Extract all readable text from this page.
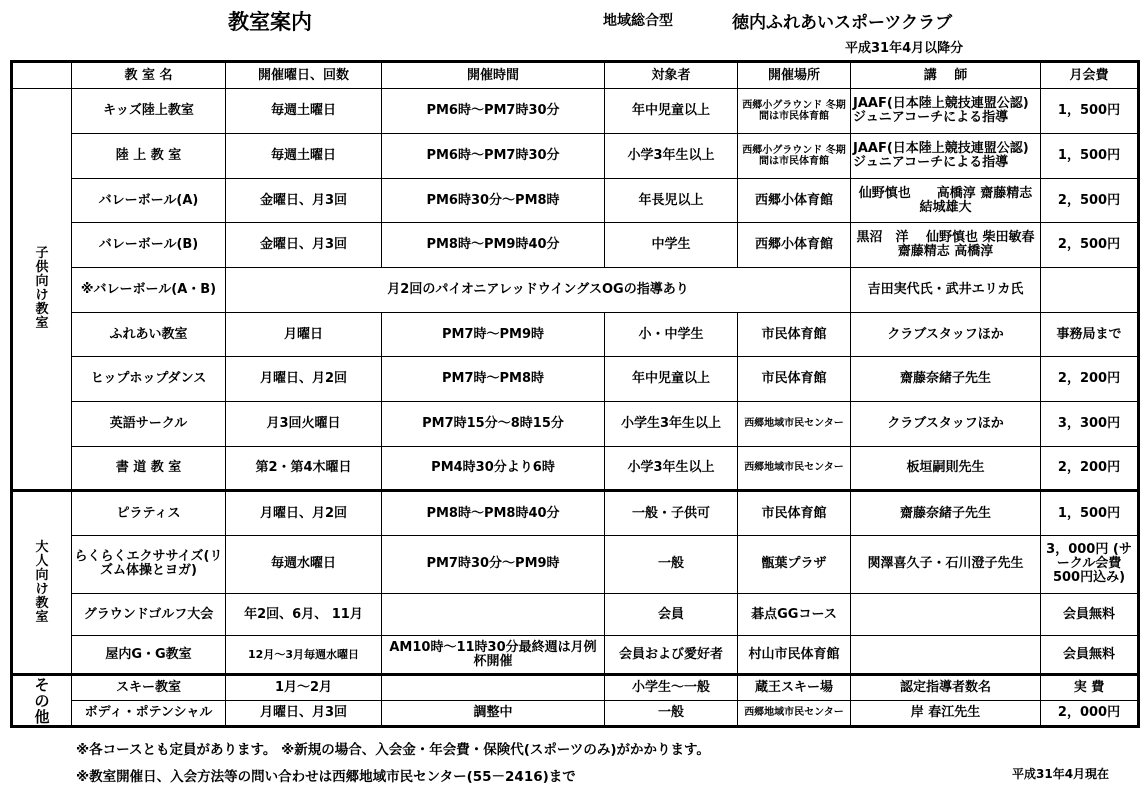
教室案内	地域総合型	徳内ふれあいスポーツクラブ
平成31年4月以降分
	教 室 名	開催曜日、回数	開催時間	対象者	開催場所	講　 師	月会費
子供向け教室	キッズ陸上教室	毎週土曜日	PM6時～PM7時30分	年中児童以上	西郷小グラウンド 冬期間は市民体育館	JAAF(日本陸上競技連盟公認) ジュニアコーチによる指導	1，500円
	陸 上 教 室	毎週土曜日	PM6時～PM7時30分	小学3年生以上	西郷小グラウンド 冬期間は市民体育館	JAAF(日本陸上競技連盟公認) ジュニアコーチによる指導	1，500円
	バレーボール(A)	金曜日、月3回	PM6時30分～PM8時	年長児以上	西郷小体育館	仙野慎也　　高橋淳 齋藤精志　　結城雄大	2，500円
	バレーボール(B)	金曜日、月3回	PM8時～PM9時40分	中学生	西郷小体育館	黒沼　洋　 仙野慎也 柴田敏春　 齋藤精志 高橋淳	2，500円
	※バレーボール(A・B)	月2回のパイオニアレッドウイングスOGの指導あり				吉田実代氏・武井エリカ氏	
	ふれあい教室	月曜日	PM7時～PM9時	小・中学生	市民体育館	クラブスタッフほか	事務局まで
	ヒップホップダンス	月曜日、月2回	PM7時～PM8時	年中児童以上	市民体育館	齋藤奈緒子先生	2，200円
	英語サークル	月3回火曜日	PM7時15分～8時15分	小学生3年生以上	西郷地域市民センター	クラブスタッフほか	3，300円
	書 道 教 室	第2・第4木曜日	PM4時30分より6時	小学3年生以上	西郷地域市民センター	板垣嗣則先生	2，200円
大人向け教室	ピラティス	月曜日、月2回	PM8時～PM8時40分	一般・子供可	市民体育館	齋藤奈緒子先生	1，500円
	らくらくエクササイズ(リズム体操とヨガ)	毎週水曜日	PM7時30分～PM9時	一般	甑葉プラザ	関澤喜久子・石川澄子先生	3，000円 (サークル会費 500円込み)
	グラウンドゴルフ大会	年2回、6月、 11月		会員	碁点GGコース		会員無料
	屋内G・G教室	12月～3月毎週水曜日	AM10時～11時30分最終週は月例杯開催	会員および愛好者	村山市民体育館		会員無料
その他	スキー教室	1月～2月		小学生～一般	蔵王スキー場	認定指導者数名	実 費
	ボディ・ポテンシャル	月曜日、月3回	調整中	一般	西郷地域市民センター	岸 春江先生	2，000円
※各コースとも定員があります。 ※新規の場合、入会金・年会費・保険代(スポーツのみ)がかかります。
※教室開催日、入会方法等の問い合わせは西郷地域市民センター(55－2416)まで	平成31年4月現在
